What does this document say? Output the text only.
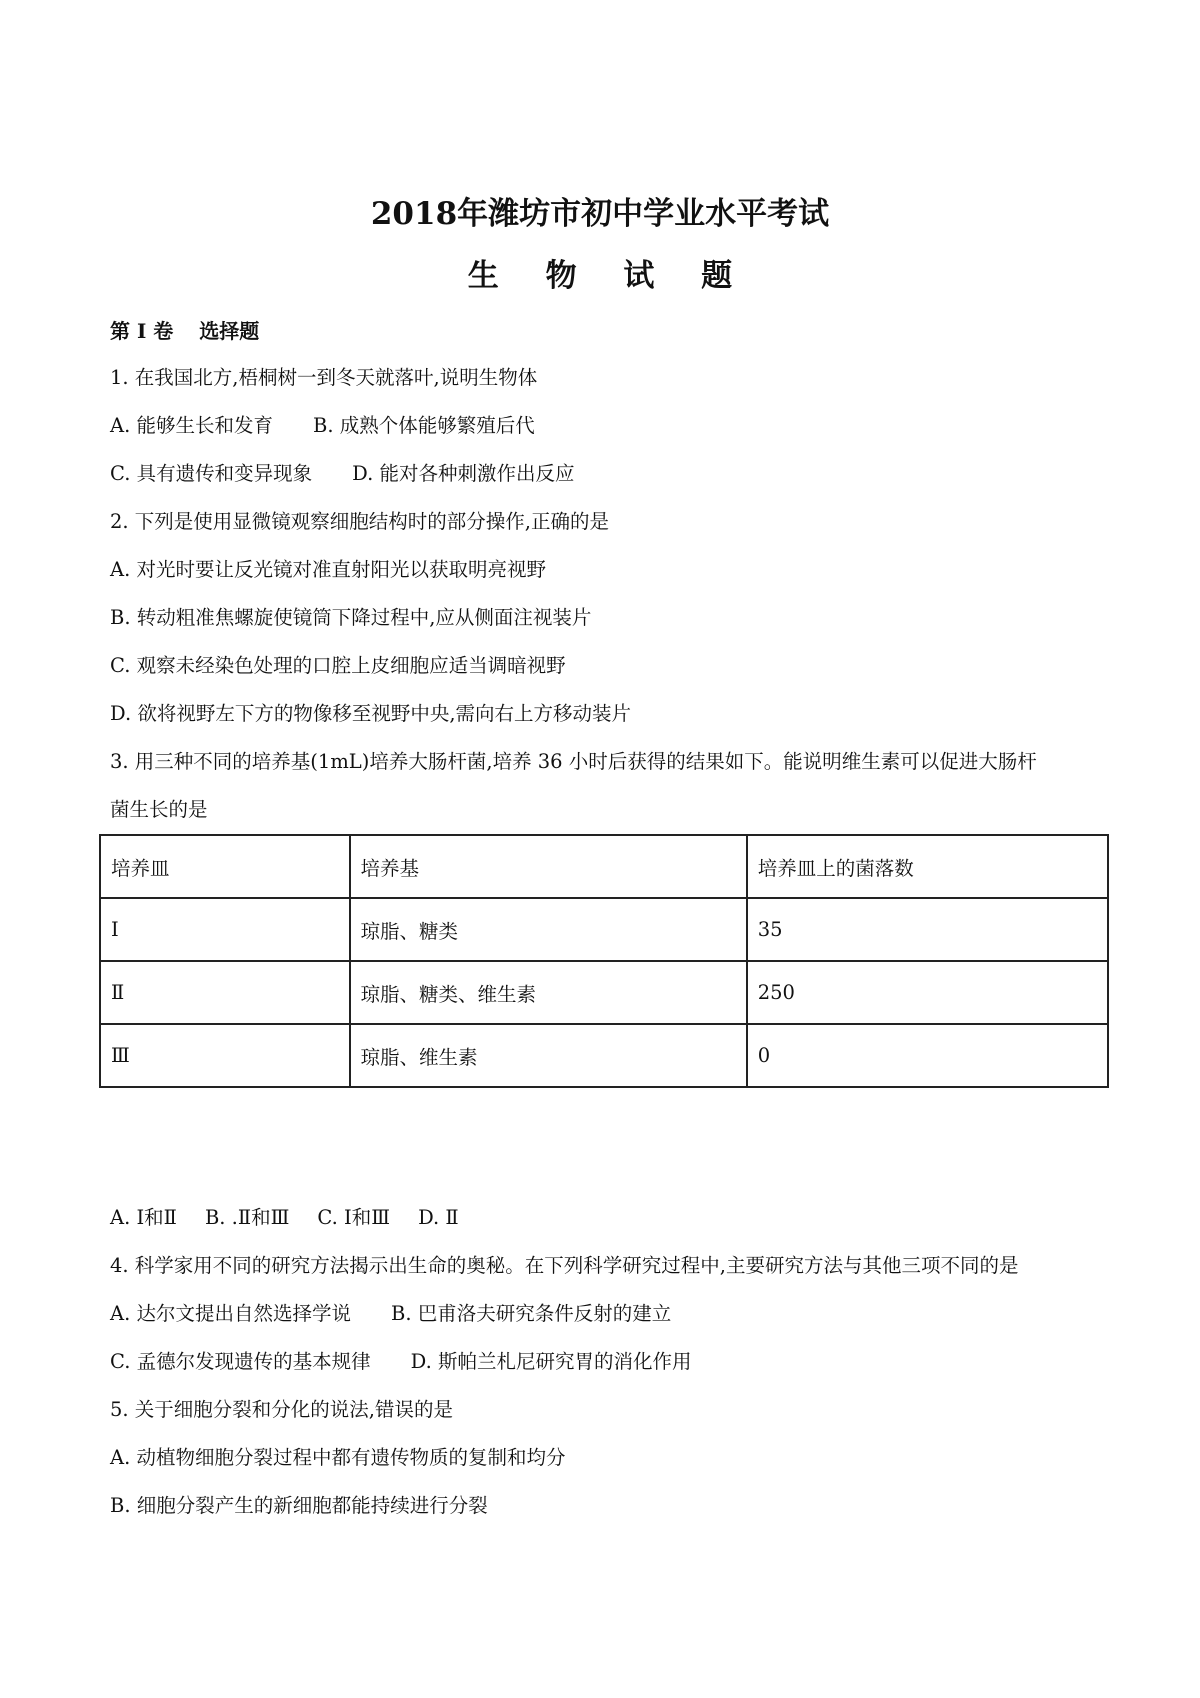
2018年潍坊市初中学业水平考试
生 物 试 题
第 Ⅰ 卷 选择题
1. 在我国北方,梧桐树一到冬天就落叶,说明生物体
A. 能够生长和发育 B. 成熟个体能够繁殖后代
C. 具有遗传和变异现象 D. 能对各种刺激作出反应
2. 下列是使用显微镜观察细胞结构时的部分操作,正确的是
A. 对光时要让反光镜对准直射阳光以获取明亮视野
B. 转动粗准焦螺旋使镜筒下降过程中,应从侧面注视装片
C. 观察未经染色处理的口腔上皮细胞应适当调暗视野
D. 欲将视野左下方的物像移至视野中央,需向右上方移动装片
3. 用三种不同的培养基(1mL)培养大肠杆菌,培养 36 小时后获得的结果如下。能说明维生素可以促进大肠杆
菌生长的是
培养皿	培养基	培养皿上的菌落数
Ⅰ	琼脂、糖类	35
Ⅱ	琼脂、糖类、维生素	250
Ⅲ	琼脂、维生素	0
A. Ⅰ和Ⅱ B. .Ⅱ和Ⅲ C. Ⅰ和Ⅲ D. Ⅱ
4. 科学家用不同的研究方法揭示出生命的奥秘。在下列科学研究过程中,主要研究方法与其他三项不同的是
A. 达尔文提出自然选择学说 B. 巴甫洛夫研究条件反射的建立
C. 孟德尔发现遗传的基本规律 D. 斯帕兰札尼研究胃的消化作用
5. 关于细胞分裂和分化的说法,错误的是
A. 动植物细胞分裂过程中都有遗传物质的复制和均分
B. 细胞分裂产生的新细胞都能持续进行分裂
